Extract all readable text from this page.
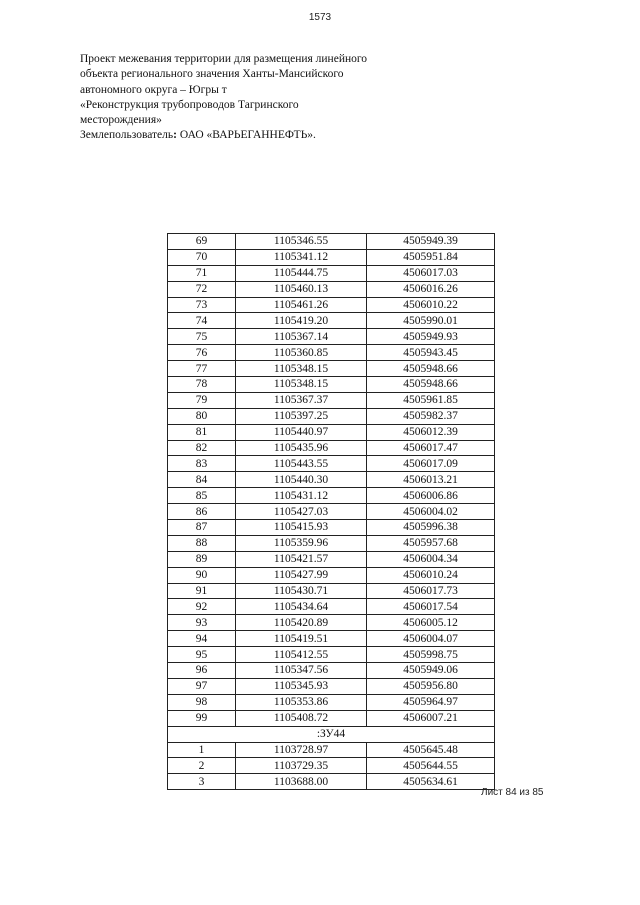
1573
Проект межевания территории для размещения линейного
объекта регионального значения Ханты-Мансийского
автономного округа – Югры т
«Реконструкция трубопроводов Тагринского
месторождения»
Землепользователь: ОАО «ВАРЬЕГАННЕФТЬ».
69	1105346.55	4505949.39
70	1105341.12	4505951.84
71	1105444.75	4506017.03
72	1105460.13	4506016.26
73	1105461.26	4506010.22
74	1105419.20	4505990.01
75	1105367.14	4505949.93
76	1105360.85	4505943.45
77	1105348.15	4505948.66
78	1105348.15	4505948.66
79	1105367.37	4505961.85
80	1105397.25	4505982.37
81	1105440.97	4506012.39
82	1105435.96	4506017.47
83	1105443.55	4506017.09
84	1105440.30	4506013.21
85	1105431.12	4506006.86
86	1105427.03	4506004.02
87	1105415.93	4505996.38
88	1105359.96	4505957.68
89	1105421.57	4506004.34
90	1105427.99	4506010.24
91	1105430.71	4506017.73
92	1105434.64	4506017.54
93	1105420.89	4506005.12
94	1105419.51	4506004.07
95	1105412.55	4505998.75
96	1105347.56	4505949.06
97	1105345.93	4505956.80
98	1105353.86	4505964.97
99	1105408.72	4506007.21
:ЗУ44		
1	1103728.97	4505645.48
2	1103729.35	4505644.55
3	1103688.00	4505634.61
Лист 84 из 85
